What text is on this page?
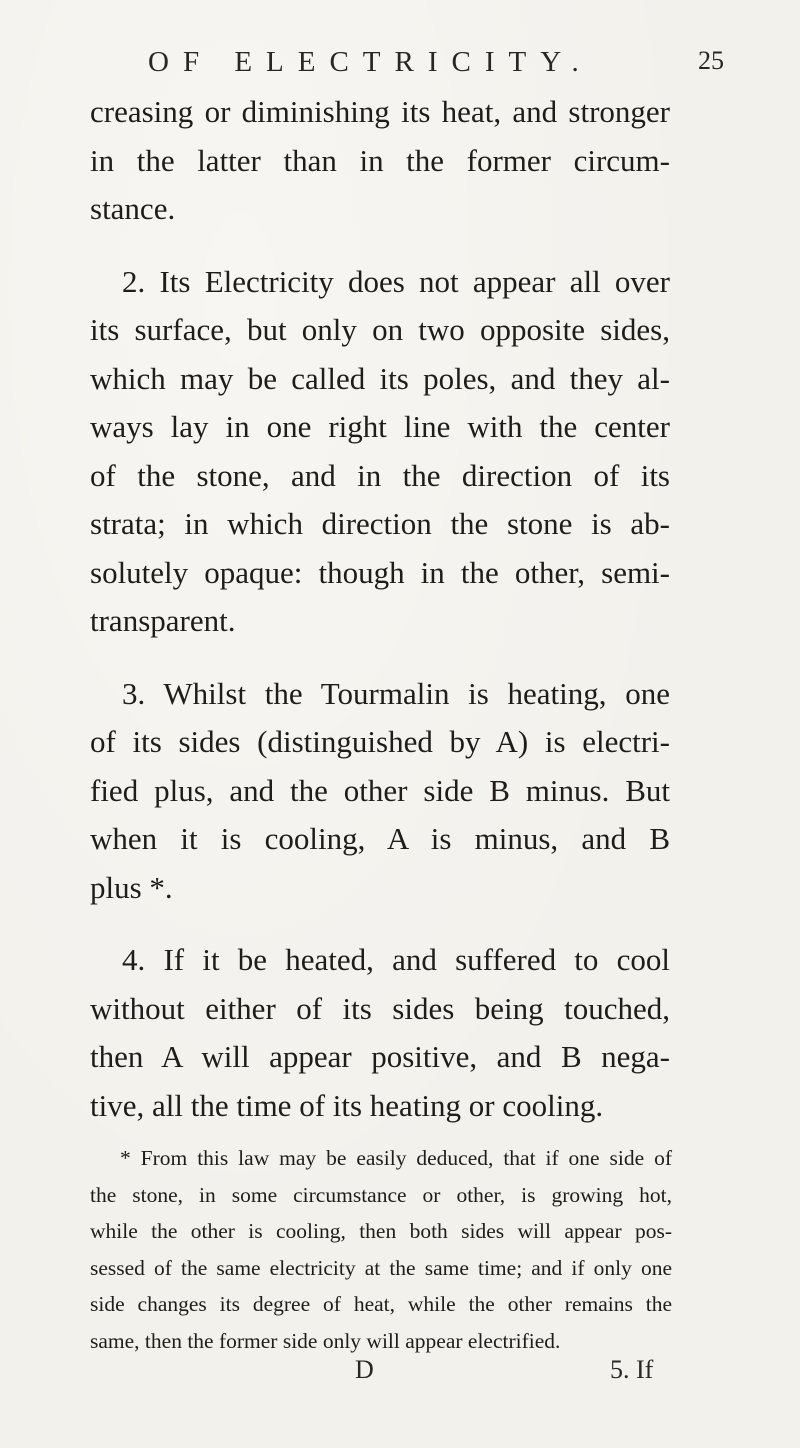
OF ELECTRICITY.	25
creasing or diminishing its heat, and stronger
in the latter than in the former circum-
stance.
2. Its Electricity does not appear all over
its surface, but only on two opposite sides,
which may be called its poles, and they al-
ways lay in one right line with the center
of the stone, and in the direction of its
strata; in which direction the stone is ab-
solutely opaque: though in the other, semi-
transparent.
3. Whilst the Tourmalin is heating, one
of its sides (distinguished by A) is electri-
fied plus, and the other side B minus. But
when it is cooling, A is minus, and B
plus *.
4. If it be heated, and suffered to cool
without either of its sides being touched,
then A will appear positive, and B nega-
tive, all the time of its heating or cooling.
* From this law may be easily deduced, that if one side of
the stone, in some circumstance or other, is growing hot,
while the other is cooling, then both sides will appear pos-
sessed of the same electricity at the same time; and if only one
side changes its degree of heat, while the other remains the
same, then the former side only will appear electrified.
D	5. If
